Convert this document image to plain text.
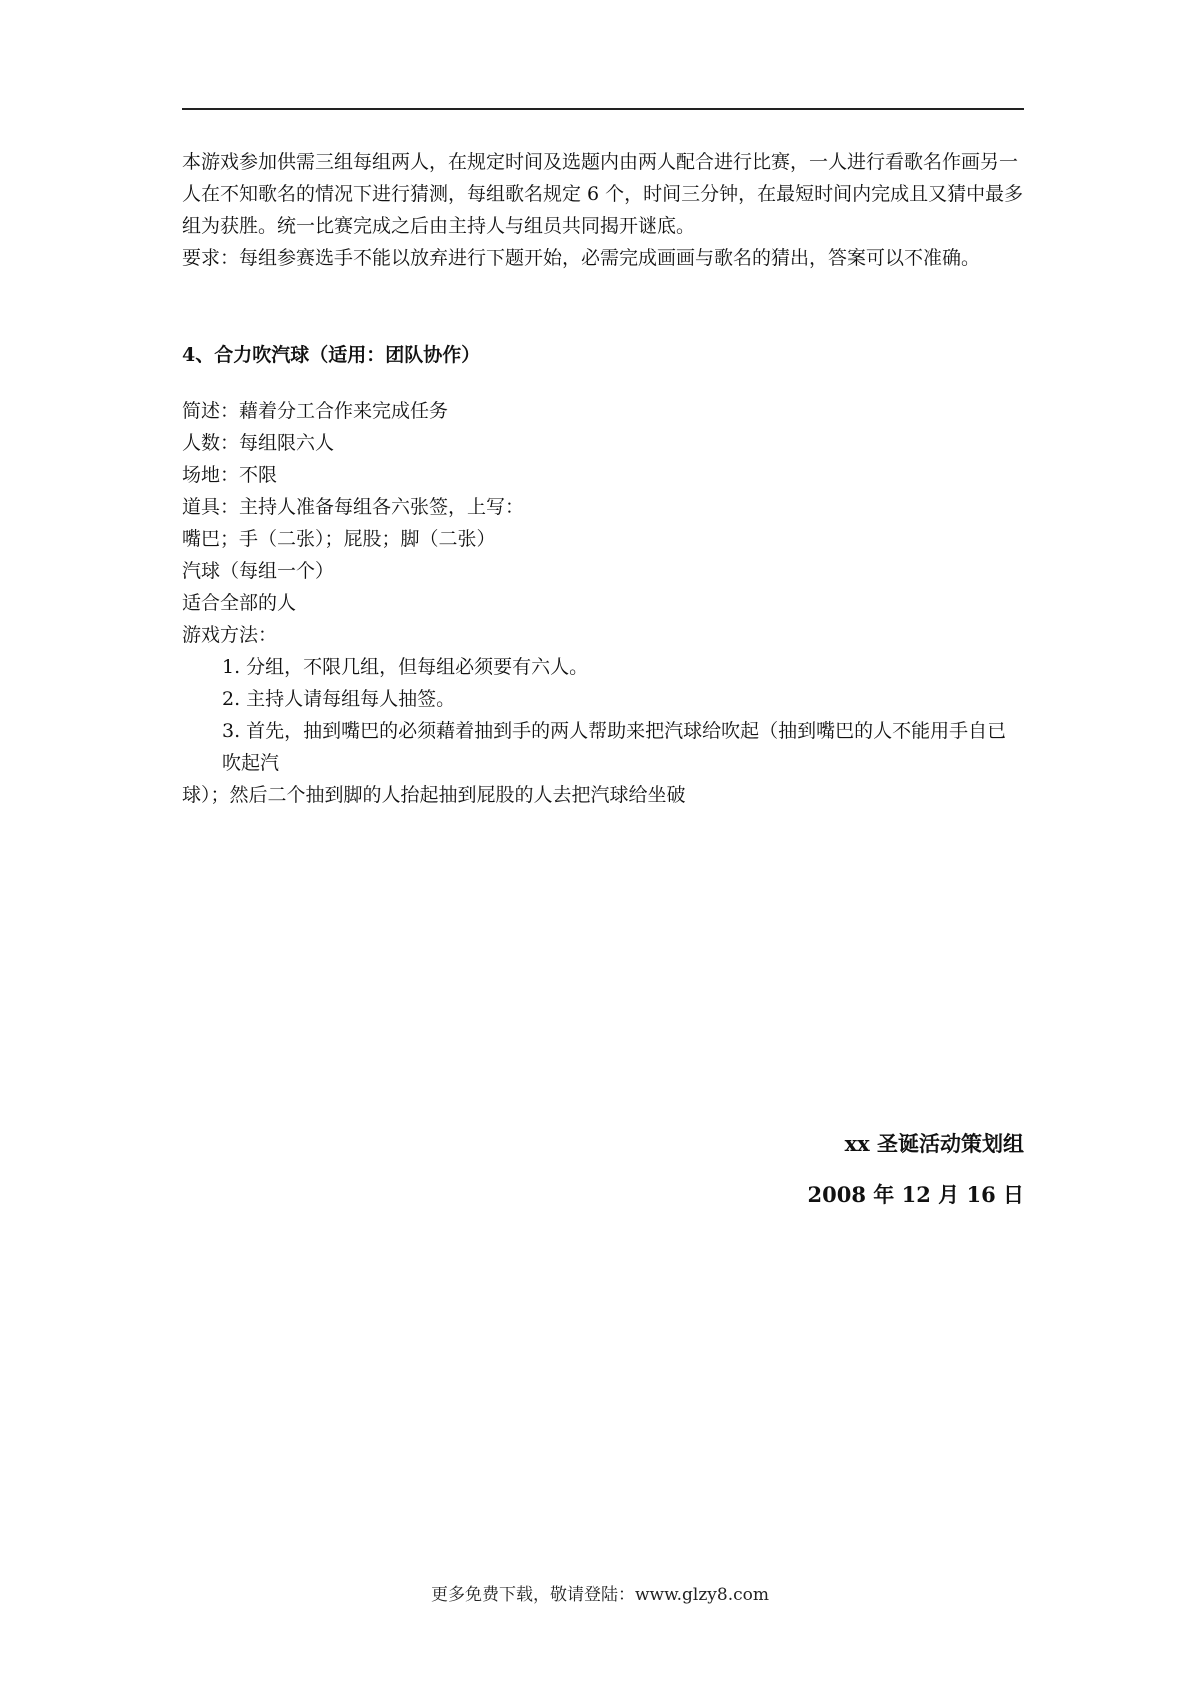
本游戏参加供需三组每组两人，在规定时间及选题内由两人配合进行比赛，一人进行看歌名作画另一人在不知歌名的情况下进行猜测，每组歌名规定 6 个，时间三分钟，在最短时间内完成且又猜中最多组为获胜。统一比赛完成之后由主持人与组员共同揭开谜底。
要求：每组参赛选手不能以放弃进行下题开始，必需完成画画与歌名的猜出，答案可以不准确。
4、合力吹汽球（适用：团队协作）
简述：藉着分工合作来完成任务
人数：每组限六人
场地：不限
道具：主持人准备每组各六张签，上写：
嘴巴；手（二张）；屁股；脚（二张）
汽球（每组一个）
适合全部的人
游戏方法：
1. 分组，不限几组，但每组必须要有六人。
2. 主持人请每组每人抽签。
3. 首先，抽到嘴巴的必须藉着抽到手的两人帮助来把汽球给吹起（抽到嘴巴的人不能用手自已吹起汽
球）；然后二个抽到脚的人抬起抽到屁股的人去把汽球给坐破
xx 圣诞活动策划组
2008 年 12 月 16 日
更多免费下载，敬请登陆：www.glzy8.com
